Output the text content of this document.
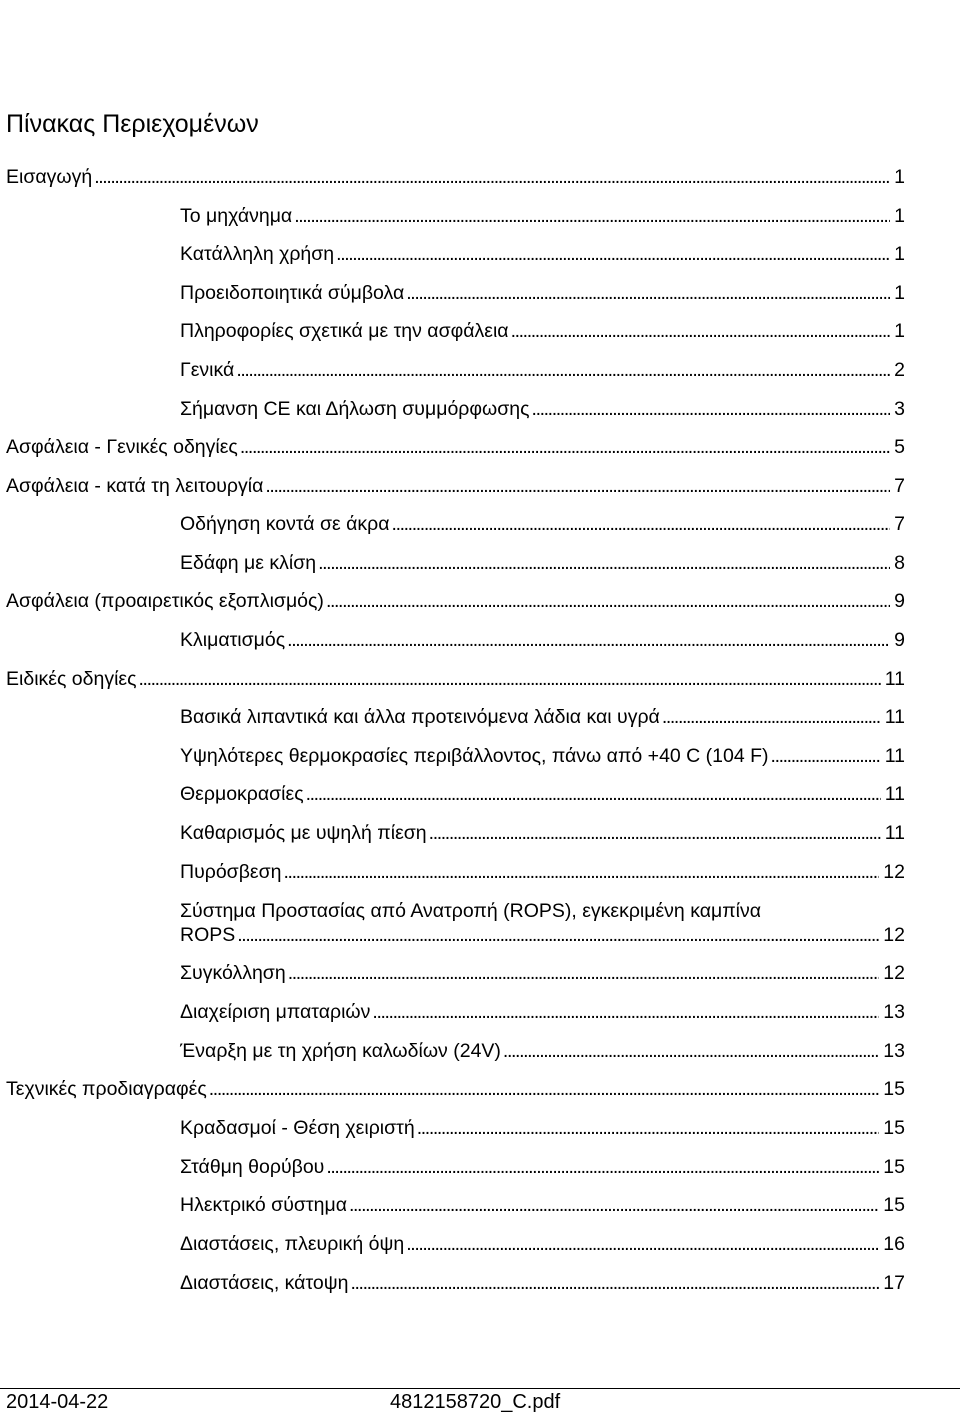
Πίνακας Περιεχομένων
Εισαγωγή . . .	1
Το μηχάνημα . . .	1
Κατάλληλη χρήση . . .	1
Προειδοποιητικά σύμβολα . . .	1
Πληροφορίες σχετικά με την ασφάλεια . . .	1
Γενικά . . .	2
Σήμανση CE και Δήλωση συμμόρφωσης . . .	3
Ασφάλεια - Γενικές οδηγίες . . .	5
Ασφάλεια - κατά τη λειτουργία . . .	7
Οδήγηση κοντά σε άκρα . . .	7
Εδάφη με κλίση . . .	8
Ασφάλεια (προαιρετικός εξοπλισμός) . . .	9
Κλιματισμός . . .	9
Ειδικές οδηγίες . . .	11
Βασικά λιπαντικά και άλλα προτεινόμενα λάδια και υγρά . . .	11
Υψηλότερες θερμοκρασίες περιβάλλοντος, πάνω από +40 C (104 F) . . .	11
Θερμοκρασίες . . .	11
Καθαρισμός με υψηλή πίεση . . .	11
Πυρόσβεση . . .	12
Σύστημα Προστασίας από Ανατροπή (ROPS), εγκεκριμένη καμπίνα
ROPS . . .	12
Συγκόλληση . . .	12
Διαχείριση μπαταριών . . .	13
Έναρξη με τη χρήση καλωδίων (24V) . . .	13
Τεχνικές προδιαγραφές . . .	15
Κραδασμοί - Θέση χειριστή . . .	15
Στάθμη θορύβου . . .	15
Ηλεκτρικό σύστημα . . .	15
Διαστάσεις, πλευρική όψη . . .	16
Διαστάσεις, κάτοψη . . .	17
2014-04-22	4812158720_C.pdf
